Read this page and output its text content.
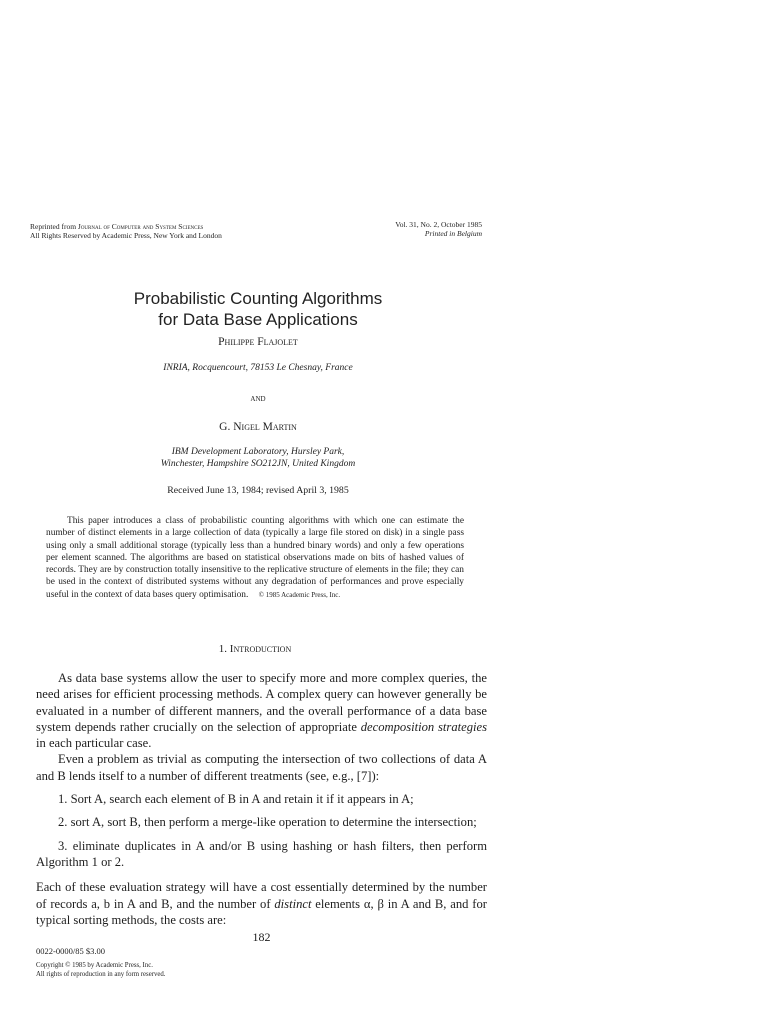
Reprinted from Journal of Computer and System Sciences
All Rights Reserved by Academic Press, New York and London
Vol. 31, No. 2, October 1985
Printed in Belgium
Probabilistic Counting Algorithms
for Data Base Applications
Philippe Flajolet
INRIA, Rocquencourt, 78153 Le Chesnay, France
and
G. Nigel Martin
IBM Development Laboratory, Hursley Park,
Winchester, Hampshire SO212JN, United Kingdom
Received June 13, 1984; revised April 3, 1985
This paper introduces a class of probabilistic counting algorithms with which one can estimate the number of distinct elements in a large collection of data (typically a large file stored on disk) in a single pass using only a small additional storage (typically less than a hundred binary words) and only a few operations per element scanned. The algorithms are based on statistical observations made on bits of hashed values of records. They are by construction totally insensitive to the replicative structure of elements in the file; they can be used in the context of distributed systems without any degradation of performances and prove especially useful in the context of data bases query optimisation. © 1985 Academic Press, Inc.
1. Introduction

As data base systems allow the user to specify more and more complex queries, the need arises for efficient processing methods. A complex query can however generally be evaluated in a number of different manners, and the overall performance of a data base system depends rather crucially on the selection of appropriate decomposition strategies in each particular case.

Even a problem as trivial as computing the intersection of two collections of data A and B lends itself to a number of different treatments (see, e.g., [7]):

1. Sort A, search each element of B in A and retain it if it appears in A;

2. sort A, sort B, then perform a merge-like operation to determine the intersection;

3. eliminate duplicates in A and/or B using hashing or hash filters, then perform Algorithm 1 or 2.

Each of these evaluation strategy will have a cost essentially determined by the number of records a, b in A and B, and the number of distinct elements α, β in A and B, and for typical sorting methods, the costs are:

182
0022-0000/85 $3.00
Copyright © 1985 by Academic Press, Inc.
All rights of reproduction in any form reserved.
